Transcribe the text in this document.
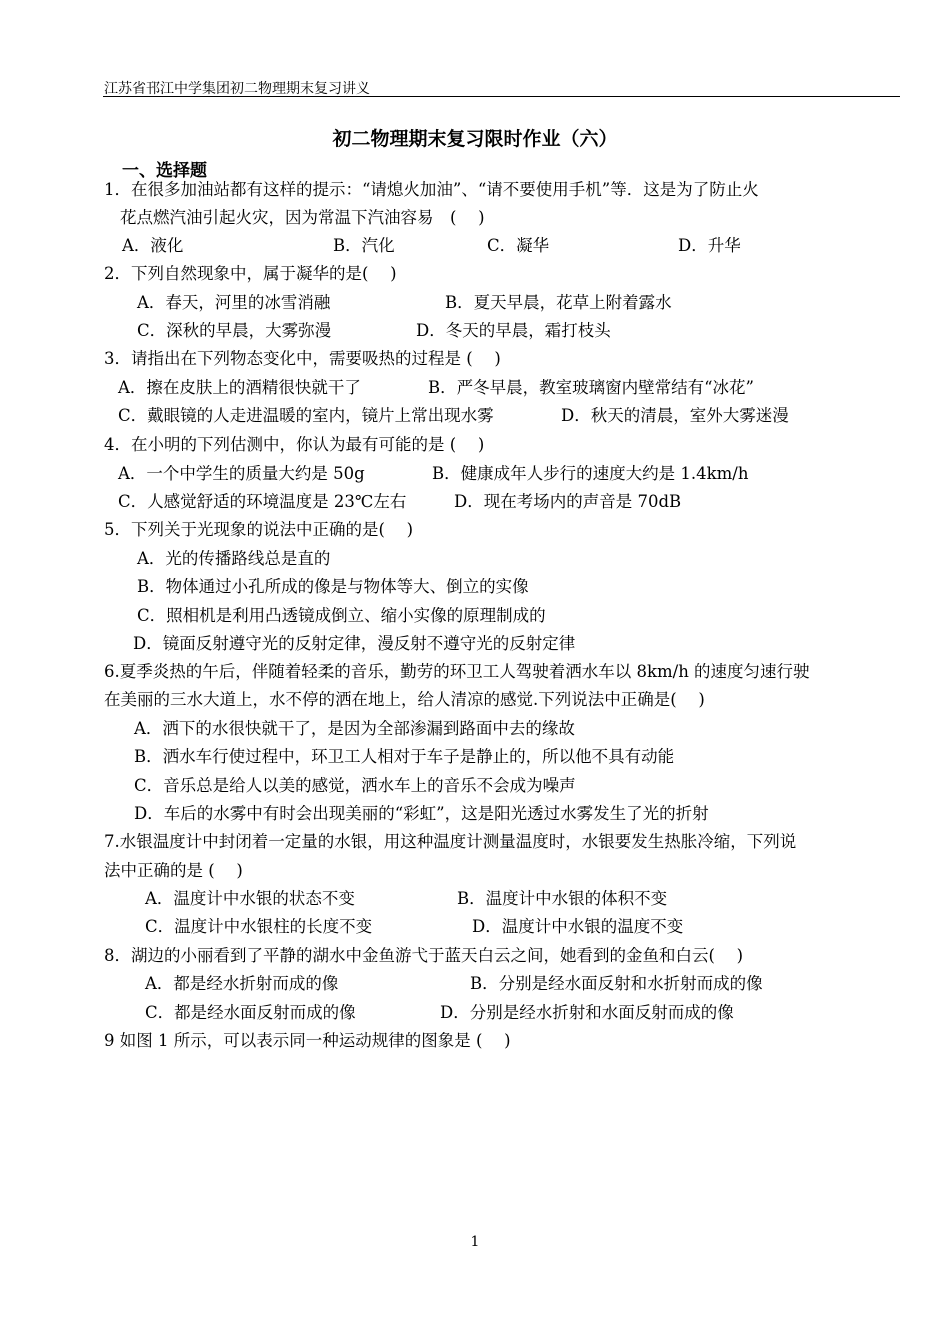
江苏省邗江中学集团初二物理期末复习讲义
初二物理期末复习限时作业（六）
一、选择题
1．在很多加油站都有这样的提示：“请熄火加油”、“请不要使用手机”等．这是为了防止火
花点燃汽油引起火灾，因为常温下汽油容易　(　 )
A．液化	B．汽化	C．凝华	D．升华
2．下列自然现象中，属于凝华的是(　 )
A．春天，河里的冰雪消融	B．夏天早晨，花草上附着露水
C．深秋的早晨，大雾弥漫	D．冬天的早晨，霜打枝头
3．请指出在下列物态变化中，需要吸热的过程是 (　 )
A．擦在皮肤上的酒精很快就干了	B．严冬早晨，教室玻璃窗内壁常结有“冰花”
C．戴眼镜的人走进温暖的室内，镜片上常出现水雾	D．秋天的清晨，室外大雾迷漫
4．在小明的下列估测中，你认为最有可能的是 (　 )
A．一个中学生的质量大约是 50g	B．健康成年人步行的速度大约是 1.4km/h
C．人感觉舒适的环境温度是 23℃左右	D．现在考场内的声音是 70dB
5．下列关于光现象的说法中正确的是(　 )
A．光的传播路线总是直的
B．物体通过小孔所成的像是与物体等大、倒立的实像
C．照相机是利用凸透镜成倒立、缩小实像的原理制成的
D．镜面反射遵守光的反射定律，漫反射不遵守光的反射定律
6.夏季炎热的午后，伴随着轻柔的音乐，勤劳的环卫工人驾驶着洒水车以 8km/h 的速度匀速行驶
在美丽的三水大道上，水不停的洒在地上，给人清凉的感觉.下列说法中正确是(　 )
A．洒下的水很快就干了，是因为全部渗漏到路面中去的缘故
B．洒水车行使过程中，环卫工人相对于车子是静止的，所以他不具有动能
C．音乐总是给人以美的感觉，洒水车上的音乐不会成为噪声
D．车后的水雾中有时会出现美丽的“彩虹”，这是阳光透过水雾发生了光的折射
7.水银温度计中封闭着一定量的水银，用这种温度计测量温度时，水银要发生热胀冷缩，下列说
法中正确的是 (　 )
A．温度计中水银的状态不变	B．温度计中水银的体积不变
C．温度计中水银柱的长度不变	D．温度计中水银的温度不变
8．湖边的小丽看到了平静的湖水中金鱼游弋于蓝天白云之间，她看到的金鱼和白云(　 )
A．都是经水折射而成的像	B．分别是经水面反射和水折射而成的像
C．都是经水面反射而成的像	D．分别是经水折射和水面反射而成的像
9 如图 1 所示，可以表示同一种运动规律的图象是 (　 )
1
